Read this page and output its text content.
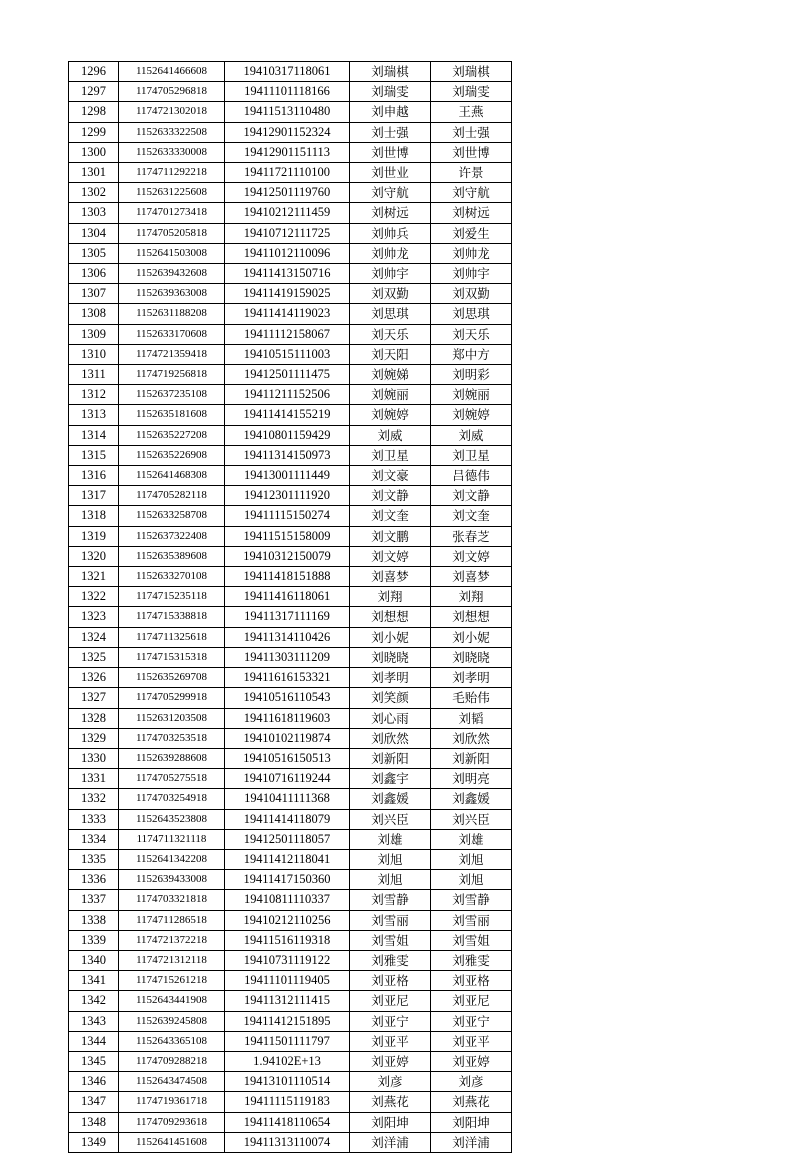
1296	1152641466608	19410317118061	刘瑞棋	刘瑞棋
1297	1174705296818	19411101118166	刘瑞雯	刘瑞雯
1298	1174721302018	19411513110480	刘申越	王燕
1299	1152633322508	19412901152324	刘士强	刘士强
1300	1152633330008	19412901151113	刘世博	刘世博
1301	1174711292218	19411721110100	刘世业	许景
1302	1152631225608	19412501119760	刘守航	刘守航
1303	1174701273418	19410212111459	刘树远	刘树远
1304	1174705205818	19410712111725	刘帅兵	刘爱生
1305	1152641503008	19411012110096	刘帅龙	刘帅龙
1306	1152639432608	19411413150716	刘帅宇	刘帅宇
1307	1152639363008	19411419159025	刘双勤	刘双勤
1308	1152631188208	19411414119023	刘思琪	刘思琪
1309	1152633170608	19411112158067	刘天乐	刘天乐
1310	1174721359418	19410515111003	刘天阳	郑中方
1311	1174719256818	19412501111475	刘婉娣	刘明彩
1312	1152637235108	19411211152506	刘婉丽	刘婉丽
1313	1152635181608	19411414155219	刘婉婷	刘婉婷
1314	1152635227208	19410801159429	刘威	刘威
1315	1152635226908	19411314150973	刘卫星	刘卫星
1316	1152641468308	19413001111449	刘文豪	吕德伟
1317	1174705282118	19412301111920	刘文静	刘文静
1318	1152633258708	19411115150274	刘文奎	刘文奎
1319	1152637322408	19411515158009	刘文鹏	张春芝
1320	1152635389608	19410312150079	刘文婷	刘文婷
1321	1152633270108	19411418151888	刘喜梦	刘喜梦
1322	1174715235118	19411416118061	刘翔	刘翔
1323	1174715338818	19411317111169	刘想想	刘想想
1324	1174711325618	19411314110426	刘小妮	刘小妮
1325	1174715315318	19411303111209	刘晓晓	刘晓晓
1326	1152635269708	19411616153321	刘孝明	刘孝明
1327	1174705299918	19410516110543	刘笑颜	毛贻伟
1328	1152631203508	19411618119603	刘心雨	刘韬
1329	1174703253518	19410102119874	刘欣然	刘欣然
1330	1152639288608	19410516150513	刘新阳	刘新阳
1331	1174705275518	19410716119244	刘鑫宇	刘明亮
1332	1174703254918	19410411111368	刘鑫媛	刘鑫媛
1333	1152643523808	19411414118079	刘兴臣	刘兴臣
1334	1174711321118	19412501118057	刘雄	刘雄
1335	1152641342208	19411412118041	刘旭	刘旭
1336	1152639433008	19411417150360	刘旭	刘旭
1337	1174703321818	19410811110337	刘雪静	刘雪静
1338	1174711286518	19410212110256	刘雪丽	刘雪丽
1339	1174721372218	19411516119318	刘雪姐	刘雪姐
1340	1174721312118	19410731119122	刘雅雯	刘雅雯
1341	1174715261218	19411101119405	刘亚格	刘亚格
1342	1152643441908	19411312111415	刘亚尼	刘亚尼
1343	1152639245808	19411412151895	刘亚宁	刘亚宁
1344	1152643365108	19411501111797	刘亚平	刘亚平
1345	1174709288218	1.94102E+13	刘亚婷	刘亚婷
1346	1152643474508	19413101110514	刘彦	刘彦
1347	1174719361718	19411115119183	刘燕花	刘燕花
1348	1174709293618	19411418110654	刘阳坤	刘阳坤
1349	1152641451608	19411313110074	刘洋浦	刘洋浦
